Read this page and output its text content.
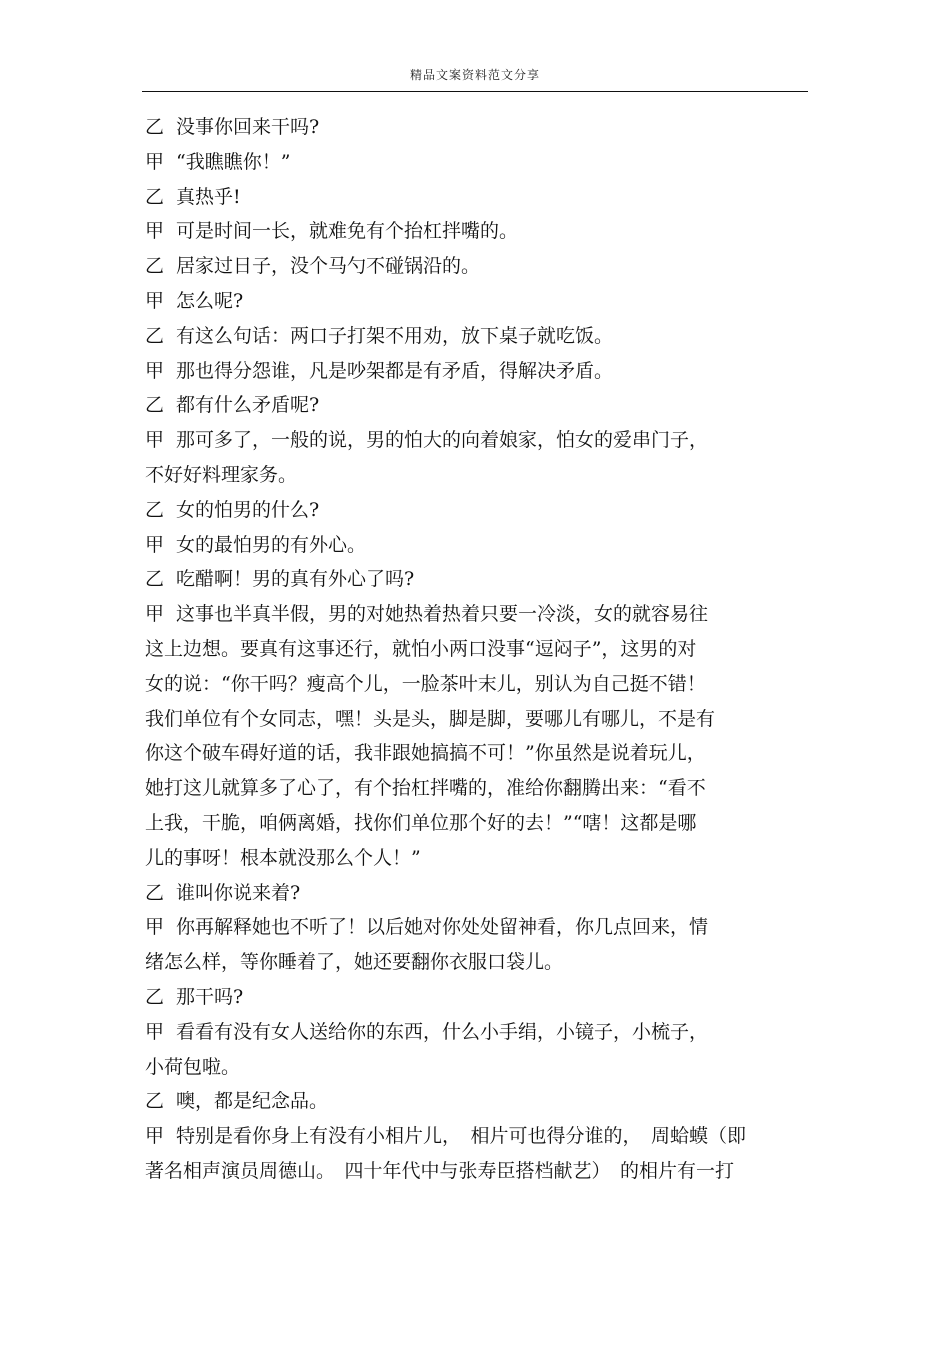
精品文案资料范文分享
乙 没事你回来干吗?
甲 “我瞧瞧你！”
乙 真热乎!
甲 可是时间一长，就难免有个抬杠拌嘴的。
乙 居家过日子，没个马勺不碰锅沿的。
甲 怎么呢?
乙 有这么句话：两口子打架不用劝，放下桌子就吃饭。
甲 那也得分怨谁，凡是吵架都是有矛盾，得解决矛盾。
乙 都有什么矛盾呢?
甲 那可多了，一般的说，男的怕大的向着娘家，怕女的爱串门子，
不好好料理家务。
乙 女的怕男的什么?
甲 女的最怕男的有外心。
乙 吃醋啊！男的真有外心了吗?
甲 这事也半真半假，男的对她热着热着只要一冷淡，女的就容易往
这上边想。要真有这事还行，就怕小两口没事“逗闷子”，这男的对
女的说：“你干吗？瘦高个儿，一脸茶叶末儿，别认为自己挺不错！
我们单位有个女同志，嘿！头是头，脚是脚，要哪儿有哪儿，不是有
你这个破车碍好道的话，我非跟她搞搞不可！”你虽然是说着玩儿，
她打这儿就算多了心了，有个抬杠拌嘴的，准给你翻腾出来：“看不
上我，干脆，咱俩离婚，找你们单位那个好的去！”“嗐！这都是哪
儿的事呀！根本就没那么个人！”
乙 谁叫你说来着?
甲 你再解释她也不听了！以后她对你处处留神看，你几点回来，情
绪怎么样，等你睡着了，她还要翻你衣服口袋儿。
乙 那干吗?
甲 看看有没有女人送给你的东西，什么小手绢，小镜子，小梳子，
小荷包啦。
乙 噢，都是纪念品。
甲 特别是看你身上有没有小相片儿，　相片可也得分谁的，　周蛤蟆（即
著名相声演员周德山。　四十年代中与张寿臣搭档献艺）　的相片有一打
